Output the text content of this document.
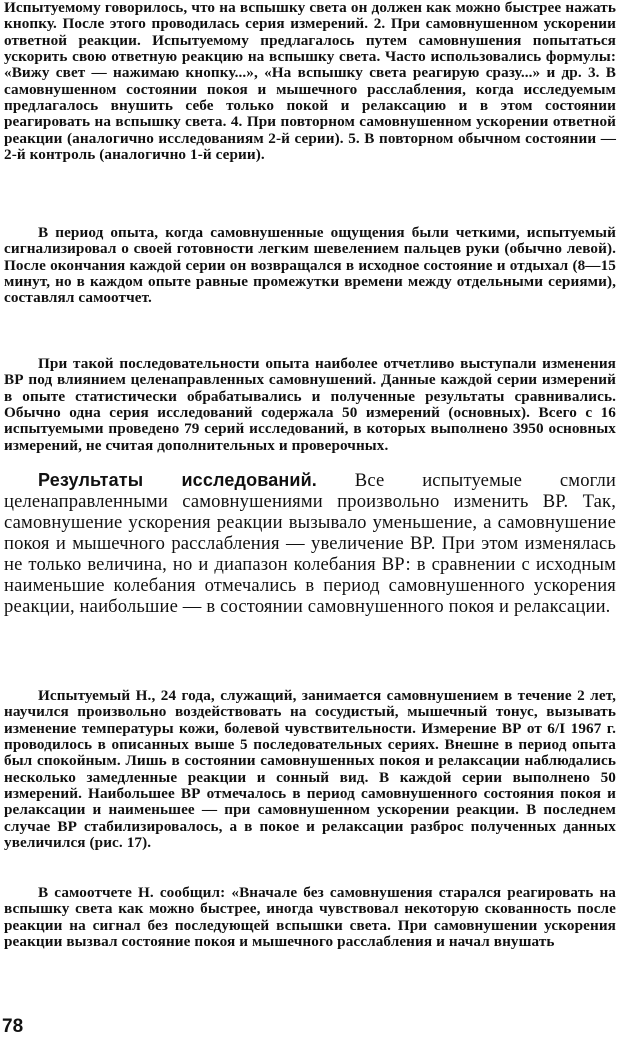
Испытуемому говорилось, что на вспышку света он должен как можно быстрее нажать кнопку. После этого проводилась серия измерений. 2. При самовнушенном ускорении ответной реакции. Испытуемому предлагалось путем самовнушения попытаться ускорить свою ответную реакцию на вспышку света. Часто использовались формулы: «Вижу свет — нажимаю кнопку...», «На вспышку света реагирую сразу...» и др. 3. В самовнушенном состоянии покоя и мышечного расслабления, когда исследуемым предлагалось внушить себе только покой и релаксацию и в этом состоянии реагировать на вспышку света. 4. При повторном самовнушенном ускорении ответной реакции (аналогично исследованиям 2-й серии). 5. В повторном обычном состоянии — 2-й контроль (аналогично 1-й серии).

В период опыта, когда самовнушенные ощущения были четкими, испытуемый сигнализировал о своей готовности легким шевелением пальцев руки (обычно левой). После окончания каждой серии он возвращался в исходное состояние и отдыхал (8—15 минут, но в каждом опыте равные промежутки времени между отдельными сериями), составлял самоотчет.

При такой последовательности опыта наиболее отчетливо выступали изменения ВР под влиянием целенаправленных самовнушений. Данные каждой серии измерений в опыте статистически обрабатывались и полученные результаты сравнивались. Обычно одна серия исследований содержала 50 измерений (основных). Всего с 16 испытуемыми проведено 79 серий исследований, в которых выполнено 3950 основных измерений, не считая дополнительных и проверочных.

Результаты исследований. Все испытуемые смогли целенаправленными самовнушениями произвольно изменить ВР. Так, самовнушение ускорения реакции вызывало уменьшение, а самовнушение покоя и мышечного расслабления — увеличение ВР. При этом изменялась не только величина, но и диапазон колебания ВР: в сравнении с исходным наименьшие колебания отмечались в период самовнушенного ускорения реакции, наибольшие — в состоянии самовнушенного покоя и релаксации.

Испытуемый Н., 24 года, служащий, занимается самовнушением в течение 2 лет, научился произвольно воздействовать на сосудистый, мышечный тонус, вызывать изменение температуры кожи, болевой чувствительности. Измерение ВР от 6/I 1967 г. проводилось в описанных выше 5 последовательных сериях. Внешне в период опыта был спокойным. Лишь в состоянии самовнушенных покоя и релаксации наблюдались несколько замедленные реакции и сонный вид. В каждой серии выполнено 50 измерений. Наибольшее ВР отмечалось в период самовнушенного состояния покоя и релаксации и наименьшее — при самовнушенном ускорении реакции. В последнем случае ВР стабилизировалось, а в покое и релаксации разброс полученных данных увеличился (рис. 17).

В самоотчете Н. сообщил: «Вначале без самовнушения старался реагировать на вспышку света как можно быстрее, иногда чувствовал некоторую скованность после реакции на сигнал без последующей вспышки света. При самовнушении ускорения реакции вызвал состояние покоя и мышечного расслабления и начал внушать

78
